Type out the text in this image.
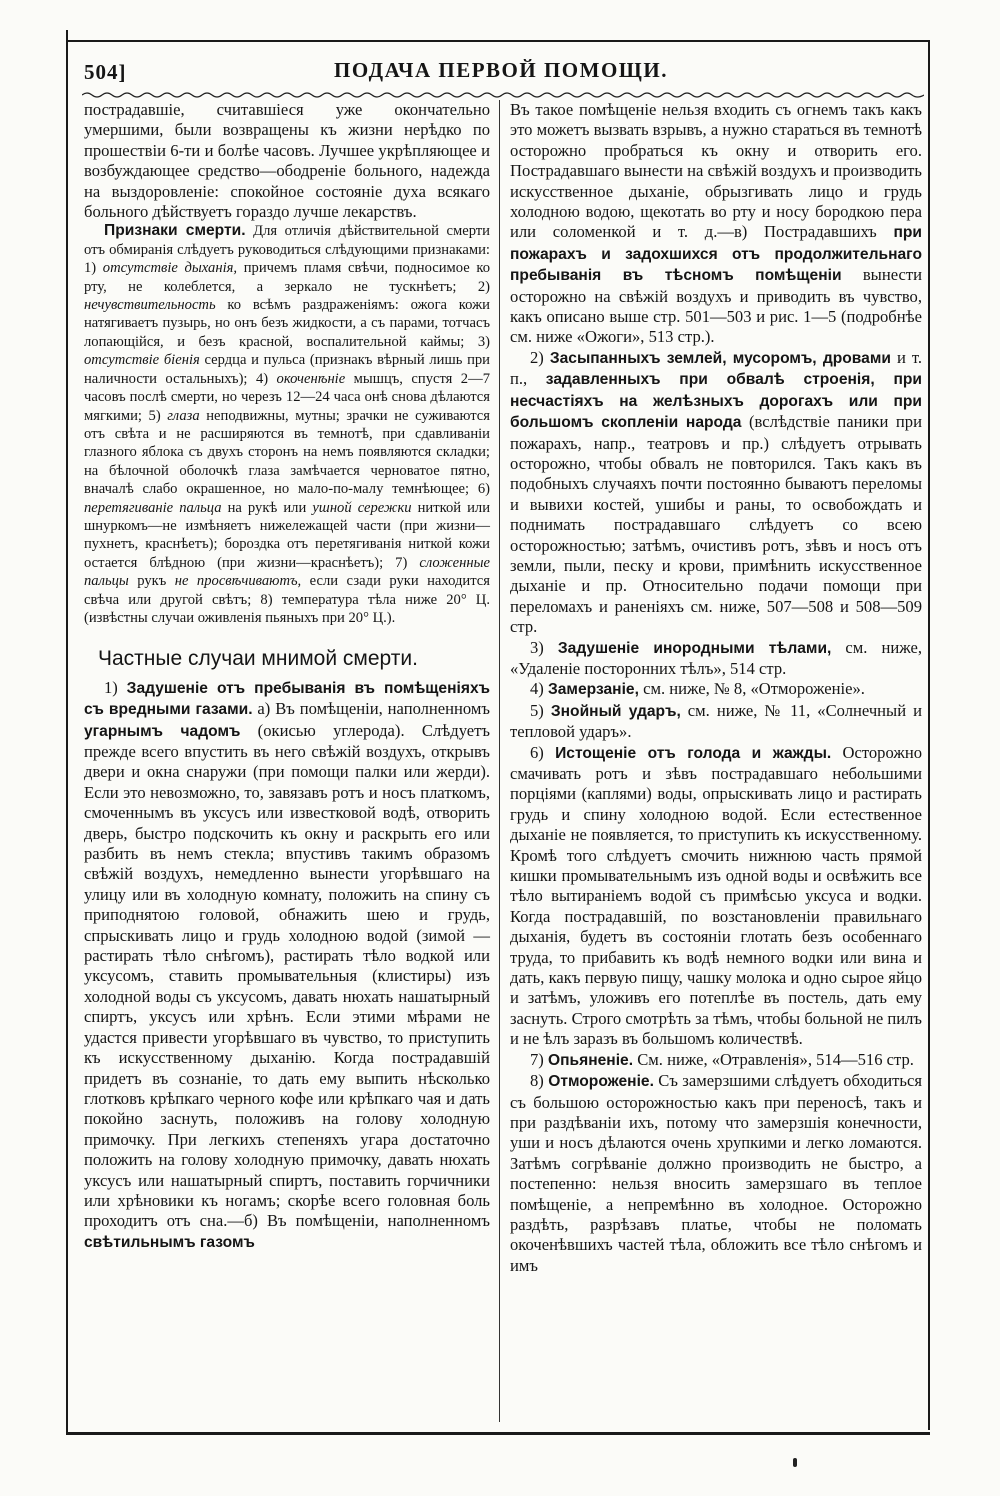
504]	ПОДАЧА ПЕРВОЙ ПОМОЩИ.

пострадавшіе, считавшіеся уже окончательно умершими, были возвращены къ жизни нерѣдко по прошествіи 6-ти и болѣе часовъ. Лучшее укрѣпляющее и возбуждающее средство—ободреніе больного, надежда на выздоровленіе: спокойное состояніе духа всякаго больного дѣйствуетъ гораздо лучше лекарствъ.

Признаки смерти. Для отличія дѣйствительной смерти отъ обмиранія слѣдуетъ руководиться слѣдующими признаками: 1) отсутствіе дыханія, причемъ пламя свѣчи, подносимое ко рту, не колеблется, а зеркало не тускнѣетъ; 2) нечувствительность ко всѣмъ раздраженіямъ: ожога кожи натягиваетъ пузырь, но онъ безъ жидкости, а съ парами, тотчасъ лопающійся, и безъ красной, воспалительной каймы; 3) отсутствіе біенія сердца и пульса (признакъ вѣрный лишь при наличности остальныхъ); 4) окоченѣніе мышцъ, спустя 2—7 часовъ послѣ смерти, но черезъ 12—24 часа онѣ снова дѣлаются мягкими; 5) глаза неподвижны, мутны; зрачки не суживаются отъ свѣта и не расширяются въ темнотѣ, при сдавливаніи глазного яблока съ двухъ сторонъ на немъ появляются складки; на бѣлочной оболочкѣ глаза замѣчается черноватое пятно, вначалѣ слабо окрашенное, но мало-по-малу темнѣющее; 6) перетягиваніе пальца на рукѣ или ушной сережки ниткой или шнуркомъ—не измѣняетъ нижележащей части (при жизни—пухнетъ, краснѣетъ); бороздка отъ перетягиванія ниткой кожи остается блѣдною (при жизни—краснѣетъ); 7) сложенные пальцы рукъ не просвѣчиваютъ, если сзади руки находится свѣча или другой свѣтъ; 8) температура тѣла ниже 20° Ц. (извѣстны случаи оживленія пьяныхъ при 20° Ц.).

Частные случаи мнимой смерти.

1) Задушеніе отъ пребыванія въ помѣщеніяхъ съ вредными газами. а) Въ помѣщеніи, наполненномъ угарнымъ чадомъ (окисью углерода). Слѣдуетъ прежде всего впустить въ него свѣжій воздухъ, открывъ двери и окна снаружи (при помощи палки или жерди). Если это невозможно, то, завязавъ ротъ и носъ платкомъ, смоченнымъ въ уксусъ или известковой водѣ, отворить дверь, быстро подскочить къ окну и раскрыть его или разбить въ немъ стекла; впустивъ такимъ образомъ свѣжій воздухъ, немедленно вынести угорѣвшаго на улицу или въ холодную комнату, положить на спину съ приподнятою головой, обнажить шею и грудь, спрыскивать лицо и грудь холодною водой (зимой — растирать тѣло снѣгомъ), растирать тѣло водкой или уксусомъ, ставить промывательныя (клистиры) изъ холодной воды съ уксусомъ, давать нюхать нашатырный спиртъ, уксусъ или хрѣнъ. Если этими мѣрами не удастся привести угорѣвшаго въ чувство, то приступить къ искусственному дыханію. Когда пострадавшій придетъ въ сознаніе, то дать ему выпить нѣсколько глотковъ крѣпкаго черного кофе или крѣпкаго чая и дать покойно заснуть, положивъ на голову холодную примочку. При легкихъ степеняхъ угара достаточно положить на голову холодную примочку, давать нюхать уксусъ или нашатырный спиртъ, поставить горчичники или хрѣновики къ ногамъ; скорѣе всего головная боль проходитъ отъ сна.—б) Въ помѣщеніи, наполненномъ свѣтильнымъ газомъ

Въ такое помѣщеніе нельзя входить съ огнемъ такъ какъ это можетъ вызвать взрывъ, а нужно стараться въ темнотѣ осторожно пробраться къ окну и отворить его. Пострадавшаго вынести на свѣжій воздухъ и производить искусственное дыханіе, обрызгивать лицо и грудь холодною водою, щекотать во рту и носу бородкою пера или соломенкой и т. д.—в) Пострадавшихъ при пожарахъ и задохшихся отъ продолжительнаго пребыванія въ тѣсномъ помѣщеніи вынести осторожно на свѣжій воздухъ и приводить въ чувство, какъ описано выше стр. 501—503 и рис. 1—5 (подробнѣе см. ниже «Ожоги», 513 стр.).

2) Засыпанныхъ землей, мусоромъ, дровами и т. п., задавленныхъ при обвалѣ строенія, при несчастіяхъ на желѣзныхъ дорогахъ или при большомъ скопленіи народа (вслѣдствіе паники при пожарахъ, напр., театровъ и пр.) слѣдуетъ отрывать осторожно, чтобы обвалъ не повторился. Такъ какъ въ подобныхъ случаяхъ почти постоянно бываютъ переломы и вывихи костей, ушибы и раны, то освобождать и поднимать пострадавшаго слѣдуетъ со всею осторожностью; затѣмъ, очистивъ ротъ, зѣвъ и носъ отъ земли, пыли, песку и крови, примѣнить искусственное дыханіе и пр. Относительно подачи помощи при переломахъ и раненіяхъ см. ниже, 507—508 и 508—509 стр.

3) Задушеніе инородными тѣлами, см. ниже, «Удаленіе посторонних тѣлъ», 514 стр.

4) Замерзаніе, см. ниже, № 8, «Отмороженіе».

5) Знойный ударъ, см. ниже, № 11, «Солнечный и тепловой ударъ».

6) Истощеніе отъ голода и жажды. Осторожно смачивать ротъ и зѣвъ пострадавшаго небольшими порціями (каплями) воды, опрыскивать лицо и растирать грудь и спину холодною водой. Если естественное дыханіе не появляется, то приступить къ искусственному. Кромѣ того слѣдуетъ смочить нижнюю часть прямой кишки промывательнымъ изъ одной воды и освѣжить все тѣло вытираніемъ водой съ примѣсью уксуса и водки. Когда пострадавшій, по возстановленіи правильнаго дыханія, будетъ въ состояніи глотать безъ особеннаго труда, то прибавить къ водѣ немного водки или вина и дать, какъ первую пищу, чашку молока и одно сырое яйцо и затѣмъ, уложивъ его потеплѣе въ постель, дать ему заснуть. Строго смотрѣть за тѣмъ, чтобы больной не пилъ и не ѣлъ заразъ въ большомъ количествѣ.

7) Опьяненіе. См. ниже, «Отравленія», 514—516 стр.

8) Отмороженіе. Съ замерзшими слѣдуетъ обходиться съ большою осторожностью какъ при переносѣ, такъ и при раздѣваніи ихъ, потому что замерзшія конечности, уши и носъ дѣлаются очень хрупкими и легко ломаются. Затѣмъ согрѣваніе должно производить не быстро, а постепенно: нельзя вносить замерзшаго въ теплое помѣщеніе, а непремѣнно въ холодное. Осторожно раздѣть, разрѣзавъ платье, чтобы не поломать окоченѣвшихъ частей тѣла, обложить все тѣло снѣгомъ и имъ
